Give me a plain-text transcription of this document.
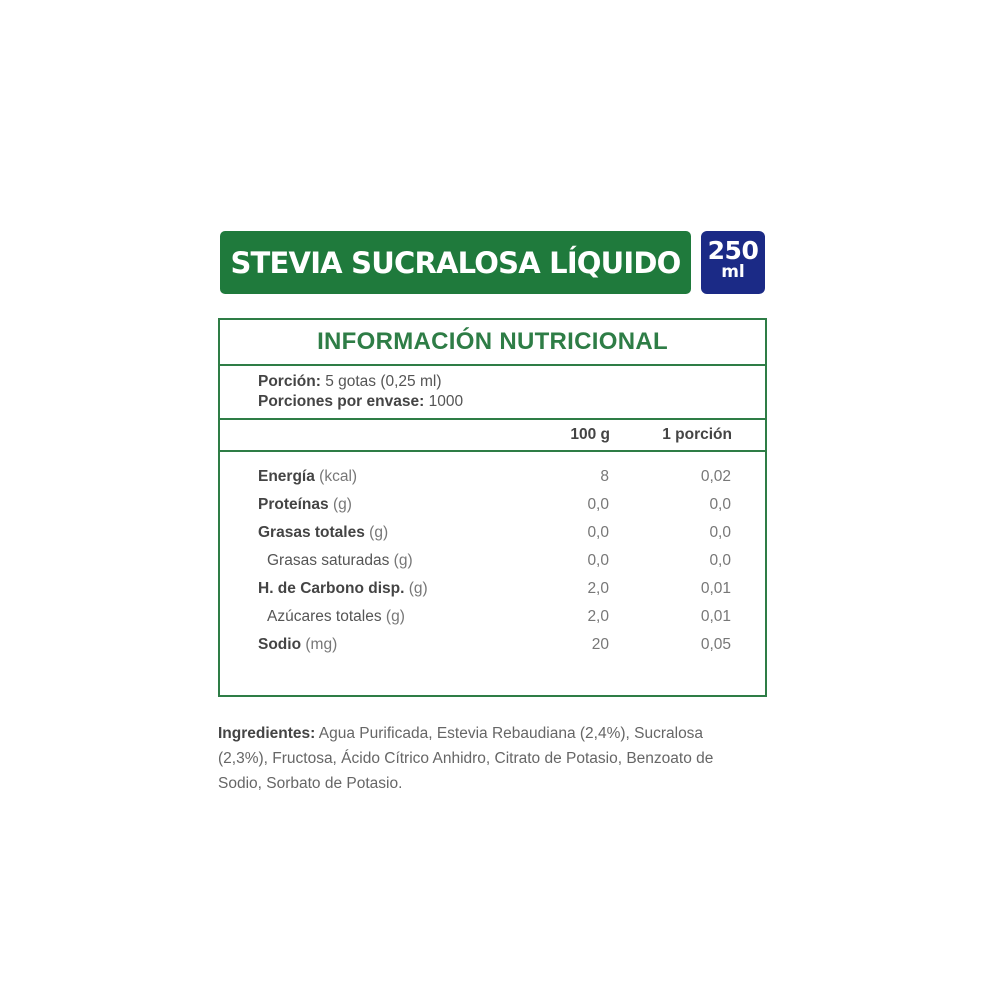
STEVIA SUCRALOSA LÍQUIDO 250
ml
INFORMACIÓN NUTRICIONAL
Porción: 5 gotas (0,25 ml)
Porciones por envase: 1000
100 g	1 porción
Energía (kcal)	8	0,02
Proteínas (g)	0,0	0,0
Grasas totales (g)	0,0	0,0
Grasas saturadas (g)	0,0	0,0
H. de Carbono disp. (g)	2,0	0,01
Azúcares totales (g)	2,0	0,01
Sodio (mg)	20	0,05
Ingredientes: Agua Purificada, Estevia Rebaudiana (2,4%), Sucralosa (2,3%), Fructosa, Ácido Cítrico Anhidro, Citrato de Potasio, Benzoato de Sodio, Sorbato de Potasio.
